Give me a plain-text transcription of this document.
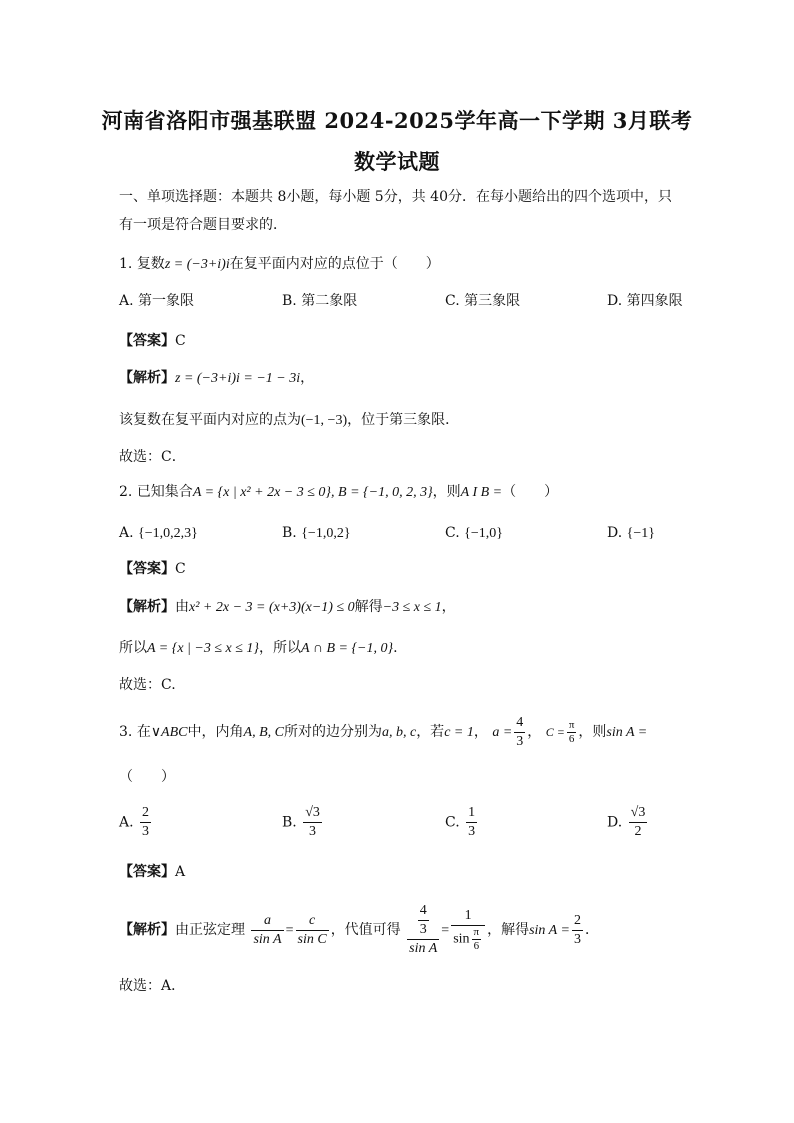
河南省洛阳市强基联盟 2024-2025学年高一下学期 3月联考
数学试题
一、单项选择题：本题共 8小题，每小题 5分，共 40分．在每小题给出的四个选项中，只
有一项是符合题目要求的．
1. 复数z = (−3+i)i在复平面内对应的点位于（　　）
A. 第一象限	B. 第二象限	C. 第三象限	D. 第四象限
【答案】C
【解析】z = (−3+i)i = −1 − 3i，
该复数在复平面内对应的点为(−1, −3)，位于第三象限．
故选：C．
2. 已知集合A = {x | x² + 2x − 3 ≤ 0}, B = {−1, 0, 2, 3}，则A I B =（　　）
A. {−1,0,2,3}	B. {−1,0,2}	C. {−1,0}	D. {−1}
【答案】C
【解析】由x² + 2x − 3 = (x+3)(x−1) ≤ 0解得−3 ≤ x ≤ 1，
所以A = {x | −3 ≤ x ≤ 1}，所以A ∩ B = {−1, 0}.
故选：C.
3. 在∨ABC中，内角A, B, C所对的边分别为a, b, c，若c = 1， $a = \frac{4}{3}$ ， $C = \frac{\pi}{6}$ ，则sin A =
（　　）
A. $\frac{2}{3}$	B. $\frac{√3}{3}$	C. $\frac{1}{3}$	D. $\frac{√3}{2}$
【答案】A
【解析】由正弦定理 $\frac{a}{\text{sin A}} = \frac{c}{\text{sin C}}$ ，代值可得 $\frac{\frac{4}{3}}{\text{sin A}} = \frac{1}{\sin \frac{\pi}{6}}$ ，解得$\sin A = \frac{2}{3}$ ．
故选：A．
